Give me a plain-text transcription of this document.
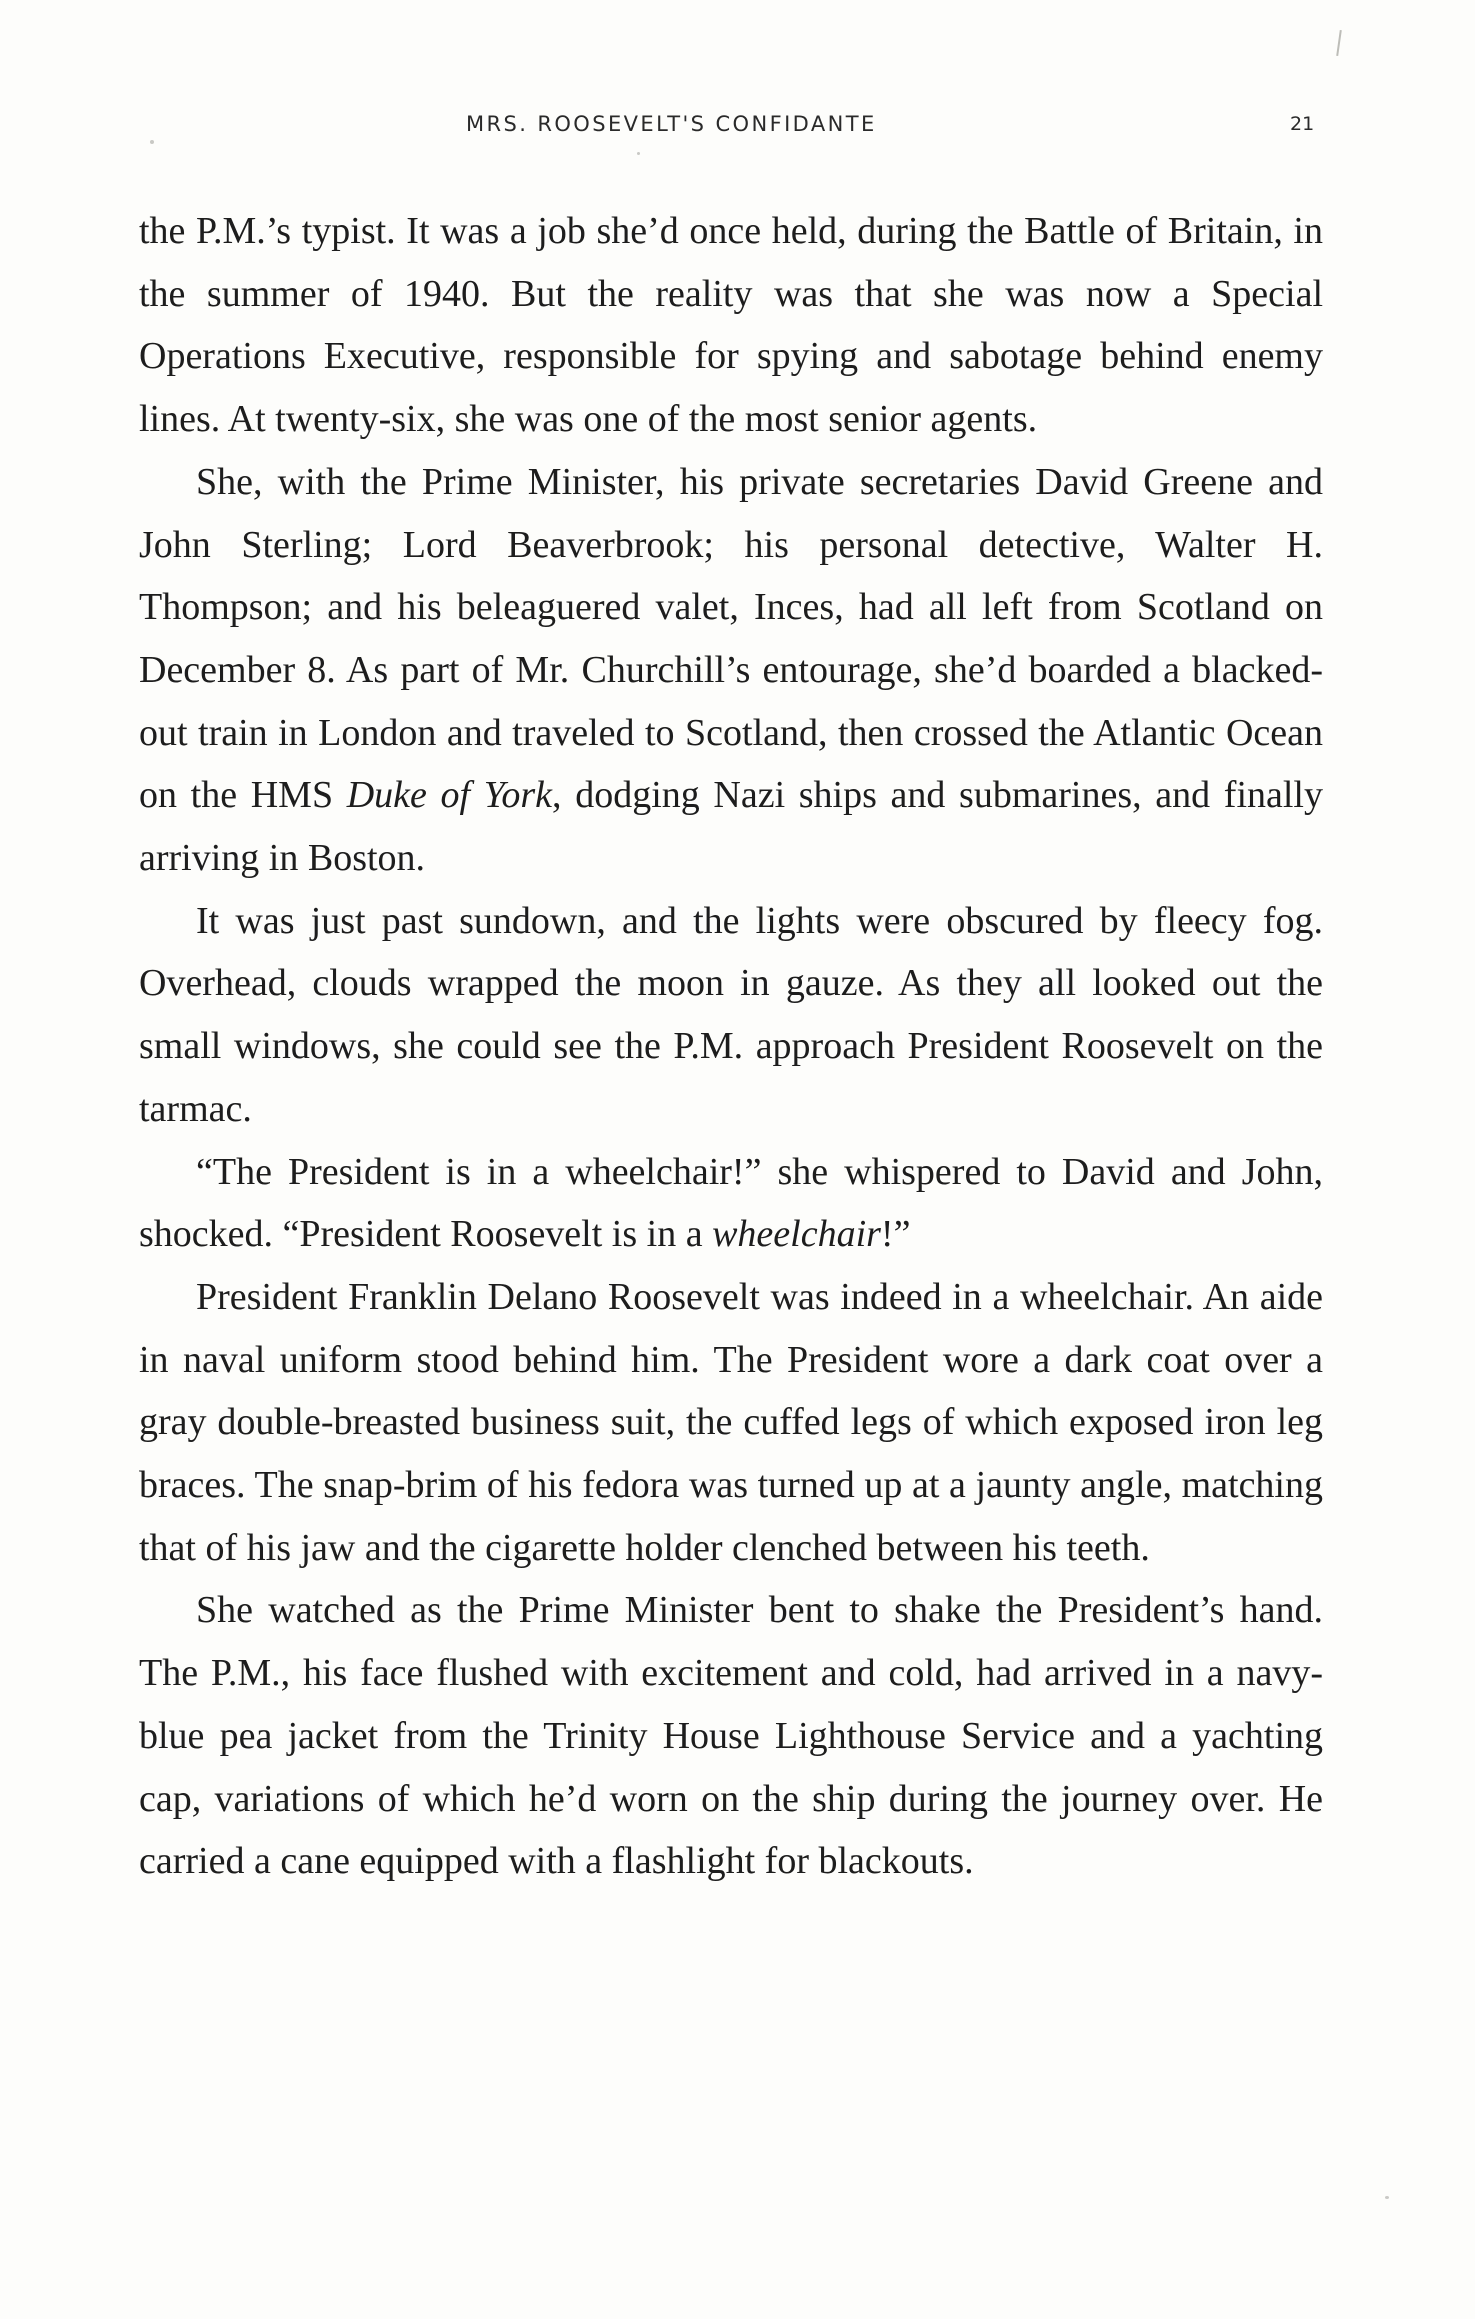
MRS. ROOSEVELT'S CONFIDANTE	21

the P.M.’s typist. It was a job she’d once held, during the Battle of Britain, in the summer of 1940. But the reality was that she was now a Special Operations Executive, responsible for spying and sabotage behind enemy lines. At twenty-six, she was one of the most senior agents.

She, with the Prime Minister, his private secretaries David Greene and John Sterling; Lord Beaverbrook; his personal detective, Walter H. Thompson; and his beleaguered valet, Inces, had all left from Scotland on December 8. As part of Mr. Churchill’s entourage, she’d boarded a blacked-out train in London and traveled to Scotland, then crossed the Atlantic Ocean on the HMS Duke of York, dodging Nazi ships and submarines, and finally arriving in Boston.

It was just past sundown, and the lights were obscured by fleecy fog. Overhead, clouds wrapped the moon in gauze. As they all looked out the small windows, she could see the P.M. approach President Roosevelt on the tarmac.

“The President is in a wheelchair!” she whispered to David and John, shocked. “President Roosevelt is in a wheelchair!”

President Franklin Delano Roosevelt was indeed in a wheelchair. An aide in naval uniform stood behind him. The President wore a dark coat over a gray double-breasted business suit, the cuffed legs of which exposed iron leg braces. The snap-brim of his fedora was turned up at a jaunty angle, matching that of his jaw and the cigarette holder clenched between his teeth.

She watched as the Prime Minister bent to shake the President’s hand. The P.M., his face flushed with excitement and cold, had arrived in a navy-blue pea jacket from the Trinity House Lighthouse Service and a yachting cap, variations of which he’d worn on the ship during the journey over. He carried a cane equipped with a flashlight for blackouts.
